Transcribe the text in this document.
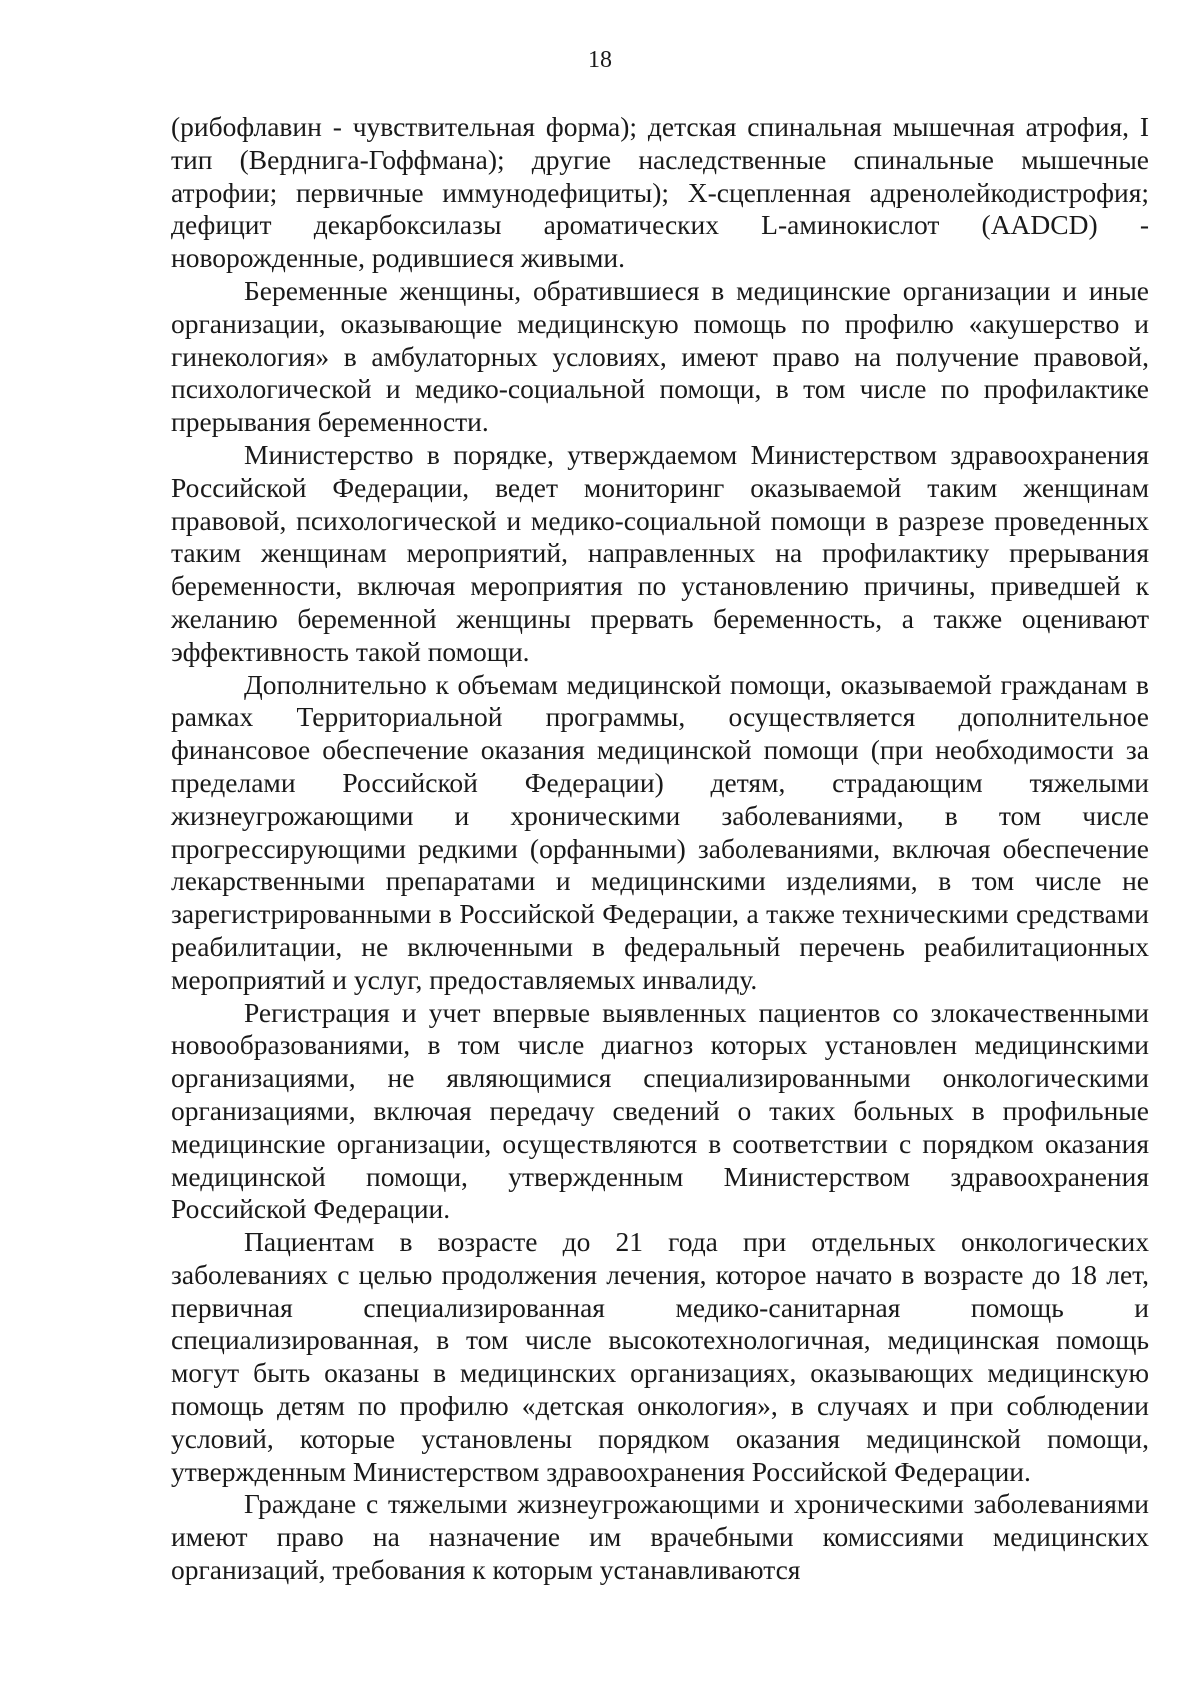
18

(рибофлавин - чувствительная форма); детская спинальная мышечная атрофия, I тип (Верднига-Гоффмана); другие наследственные спинальные мышечные атрофии; первичные иммунодефициты); X-сцепленная адренолейкодистрофия; дефицит декарбоксилазы ароматических L-аминокислот (AADCD) - новорожденные, родившиеся живыми.

Беременные женщины, обратившиеся в медицинские организации и иные организации, оказывающие медицинскую помощь по профилю «акушерство и гинекология» в амбулаторных условиях, имеют право на получение правовой, психологической и медико-социальной помощи, в том числе по профилактике прерывания беременности.

Министерство в порядке, утверждаемом Министерством здравоохранения Российской Федерации, ведет мониторинг оказываемой таким женщинам правовой, психологической и медико-социальной помощи в разрезе проведенных таким женщинам мероприятий, направленных на профилактику прерывания беременности, включая мероприятия по установлению причины, приведшей к желанию беременной женщины прервать беременность, а также оценивают эффективность такой помощи.

Дополнительно к объемам медицинской помощи, оказываемой гражданам в рамках Территориальной программы, осуществляется дополнительное финансовое обеспечение оказания медицинской помощи (при необходимости за пределами Российской Федерации) детям, страдающим тяжелыми жизнеугрожающими и хроническими заболеваниями, в том числе прогрессирующими редкими (орфанными) заболеваниями, включая обеспечение лекарственными препаратами и медицинскими изделиями, в том числе не зарегистрированными в Российской Федерации, а также техническими средствами реабилитации, не включенными в федеральный перечень реабилитационных мероприятий и услуг, предоставляемых инвалиду.

Регистрация и учет впервые выявленных пациентов со злокачественными новообразованиями, в том числе диагноз которых установлен медицинскими организациями, не являющимися специализированными онкологическими организациями, включая передачу сведений о таких больных в профильные медицинские организации, осуществляются в соответствии с порядком оказания медицинской помощи, утвержденным Министерством здравоохранения Российской Федерации.

Пациентам в возрасте до 21 года при отдельных онкологических заболеваниях с целью продолжения лечения, которое начато в возрасте до 18 лет, первичная специализированная медико-санитарная помощь и специализированная, в том числе высокотехнологичная, медицинская помощь могут быть оказаны в медицинских организациях, оказывающих медицинскую помощь детям по профилю «детская онкология», в случаях и при соблюдении условий, которые установлены порядком оказания медицинской помощи, утвержденным Министерством здравоохранения Российской Федерации.

Граждане с тяжелыми жизнеугрожающими и хроническими заболеваниями имеют право на назначение им врачебными комиссиями медицинских организаций, требования к которым устанавливаются
